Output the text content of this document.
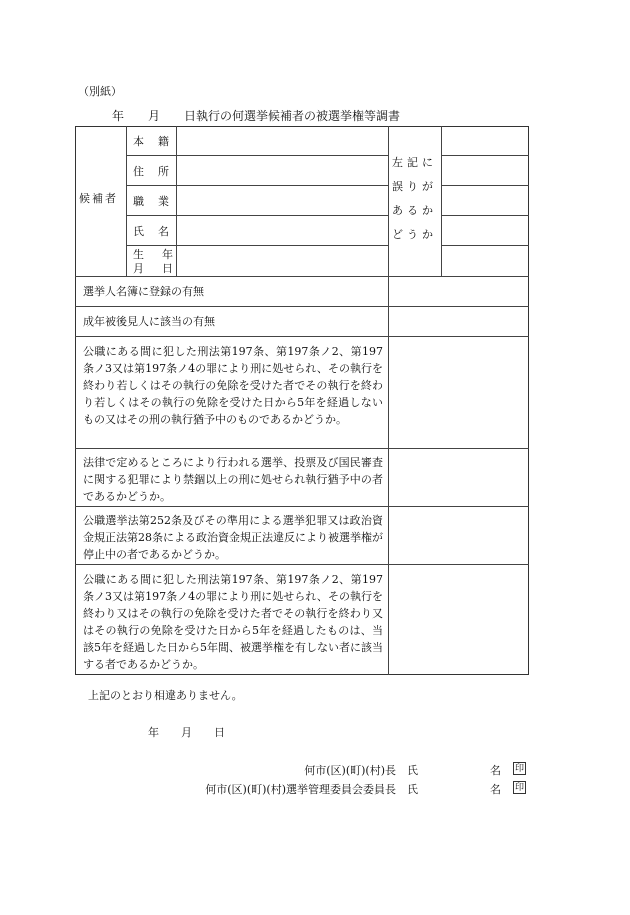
（別紙）
年　　月　　日執行の何選挙候補者の被選挙権等調書
候補者
本籍
住所
職業
氏名
生 年
月 日
左記に
誤りが
あるか
どうか
選挙人名簿に登録の有無
成年被後見人に該当の有無
公職にある間に犯した刑法第197条、第197条ノ2、第197条ノ3又は第197条ノ4の罪により刑に処せられ、その執行を終わり若しくはその執行の免除を受けた者でその執行を終わり若しくはその執行の免除を受けた日から5年を経過しないもの又はその刑の執行猶予中のものであるかどうか。
法律で定めるところにより行われる選挙、投票及び国民審査に関する犯罪により禁錮以上の刑に処せられ執行猶予中の者であるかどうか。
公職選挙法第252条及びその準用による選挙犯罪又は政治資金規正法第28条による政治資金規正法違反により被選挙権が停止中の者であるかどうか。
公職にある間に犯した刑法第197条、第197条ノ2、第197条ノ3又は第197条ノ4の罪により刑に処せられ、その執行を終わり又はその執行の免除を受けた者でその執行を終わり又はその執行の免除を受けた日から5年を経過したものは、当該5年を経過した日から5年間、被選挙権を有しない者に該当する者であるかどうか。
上記のとおり相違ありません。
年　　月　　日
何市(区)(町)(村)長　氏	名 印
何市(区)(町)(村)選挙管理委員会委員長　氏	名 印
